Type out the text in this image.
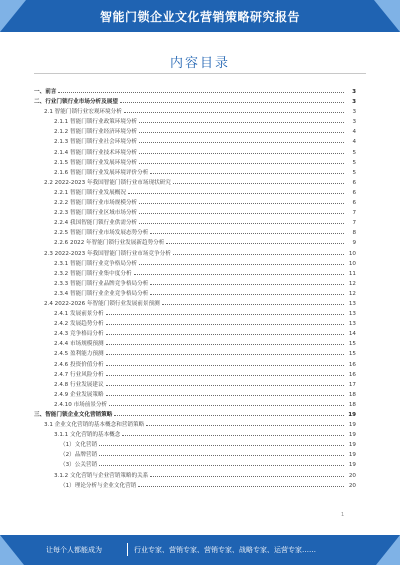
智能门锁企业文化营销策略研究报告
内容目录
一、前言	3
二、行业门锁行业市场分析及展望	3
2.1 智能门锁行业宏观环境分析	3
2.1.1 智能门锁行业政策环境分析	3
2.1.2 智能门锁行业经济环境分析	4
2.1.3 智能门锁行业社会环境分析	4
2.1.4 智能门锁行业技术环境分析	5
2.1.5 智能门锁行业发展环境分析	5
2.1.6 智能门锁行业发展环境评价分析	5
2.2 2022-2023 年我国智能门锁行业市场现状研究	6
2.2.1 智能门锁行业发展概况	6
2.2.2 智能门锁行业市场规模分析	6
2.2.3 智能门锁行业区域市场分析	7
2.2.4 我国智能门锁行业供需分析	7
2.2.5 智能门锁行业市场发展态势分析	8
2.2.6 2022 年智能门锁行业发展新趋势分析	9
2.3 2022-2023 年我国智能门锁行业市场竞争分析	10
2.3.1 智能门锁行业竞争格局分析	10
2.3.2 智能门锁行业集中度分析	11
2.3.3 智能门锁行业品牌竞争格局分析	12
2.3.4 智能门锁行业企业竞争格局分析	12
2.4 2022-2026 年智能门锁行业发展前景预测	13
2.4.1 发展前景分析	13
2.4.2 发展趋势分析	13
2.4.3 竞争格局分析	14
2.4.4 市场规模预测	15
2.4.5 盈利能力预测	15
2.4.6 投资价值分析	16
2.4.7 行业风险分析	16
2.4.8 行业发展建议	17
2.4.9 企业发展策略	18
2.4.10 市场前景分析	18
三、智能门锁企业文化营销策略	19
3.1 企业文化营销的基本概念和营销策略	19
3.1.1 文化营销的基本概念	19
（1）文化营销	19
（2）品牌营销	19
（3）公关营销	19
3.1.2 文化营销与企业营销策略的关系	20
（1）理论分析与企业文化营销	20
1
让每个人都能成为	行业专家、营销专家、营销专家、战略专家、运营专家……
